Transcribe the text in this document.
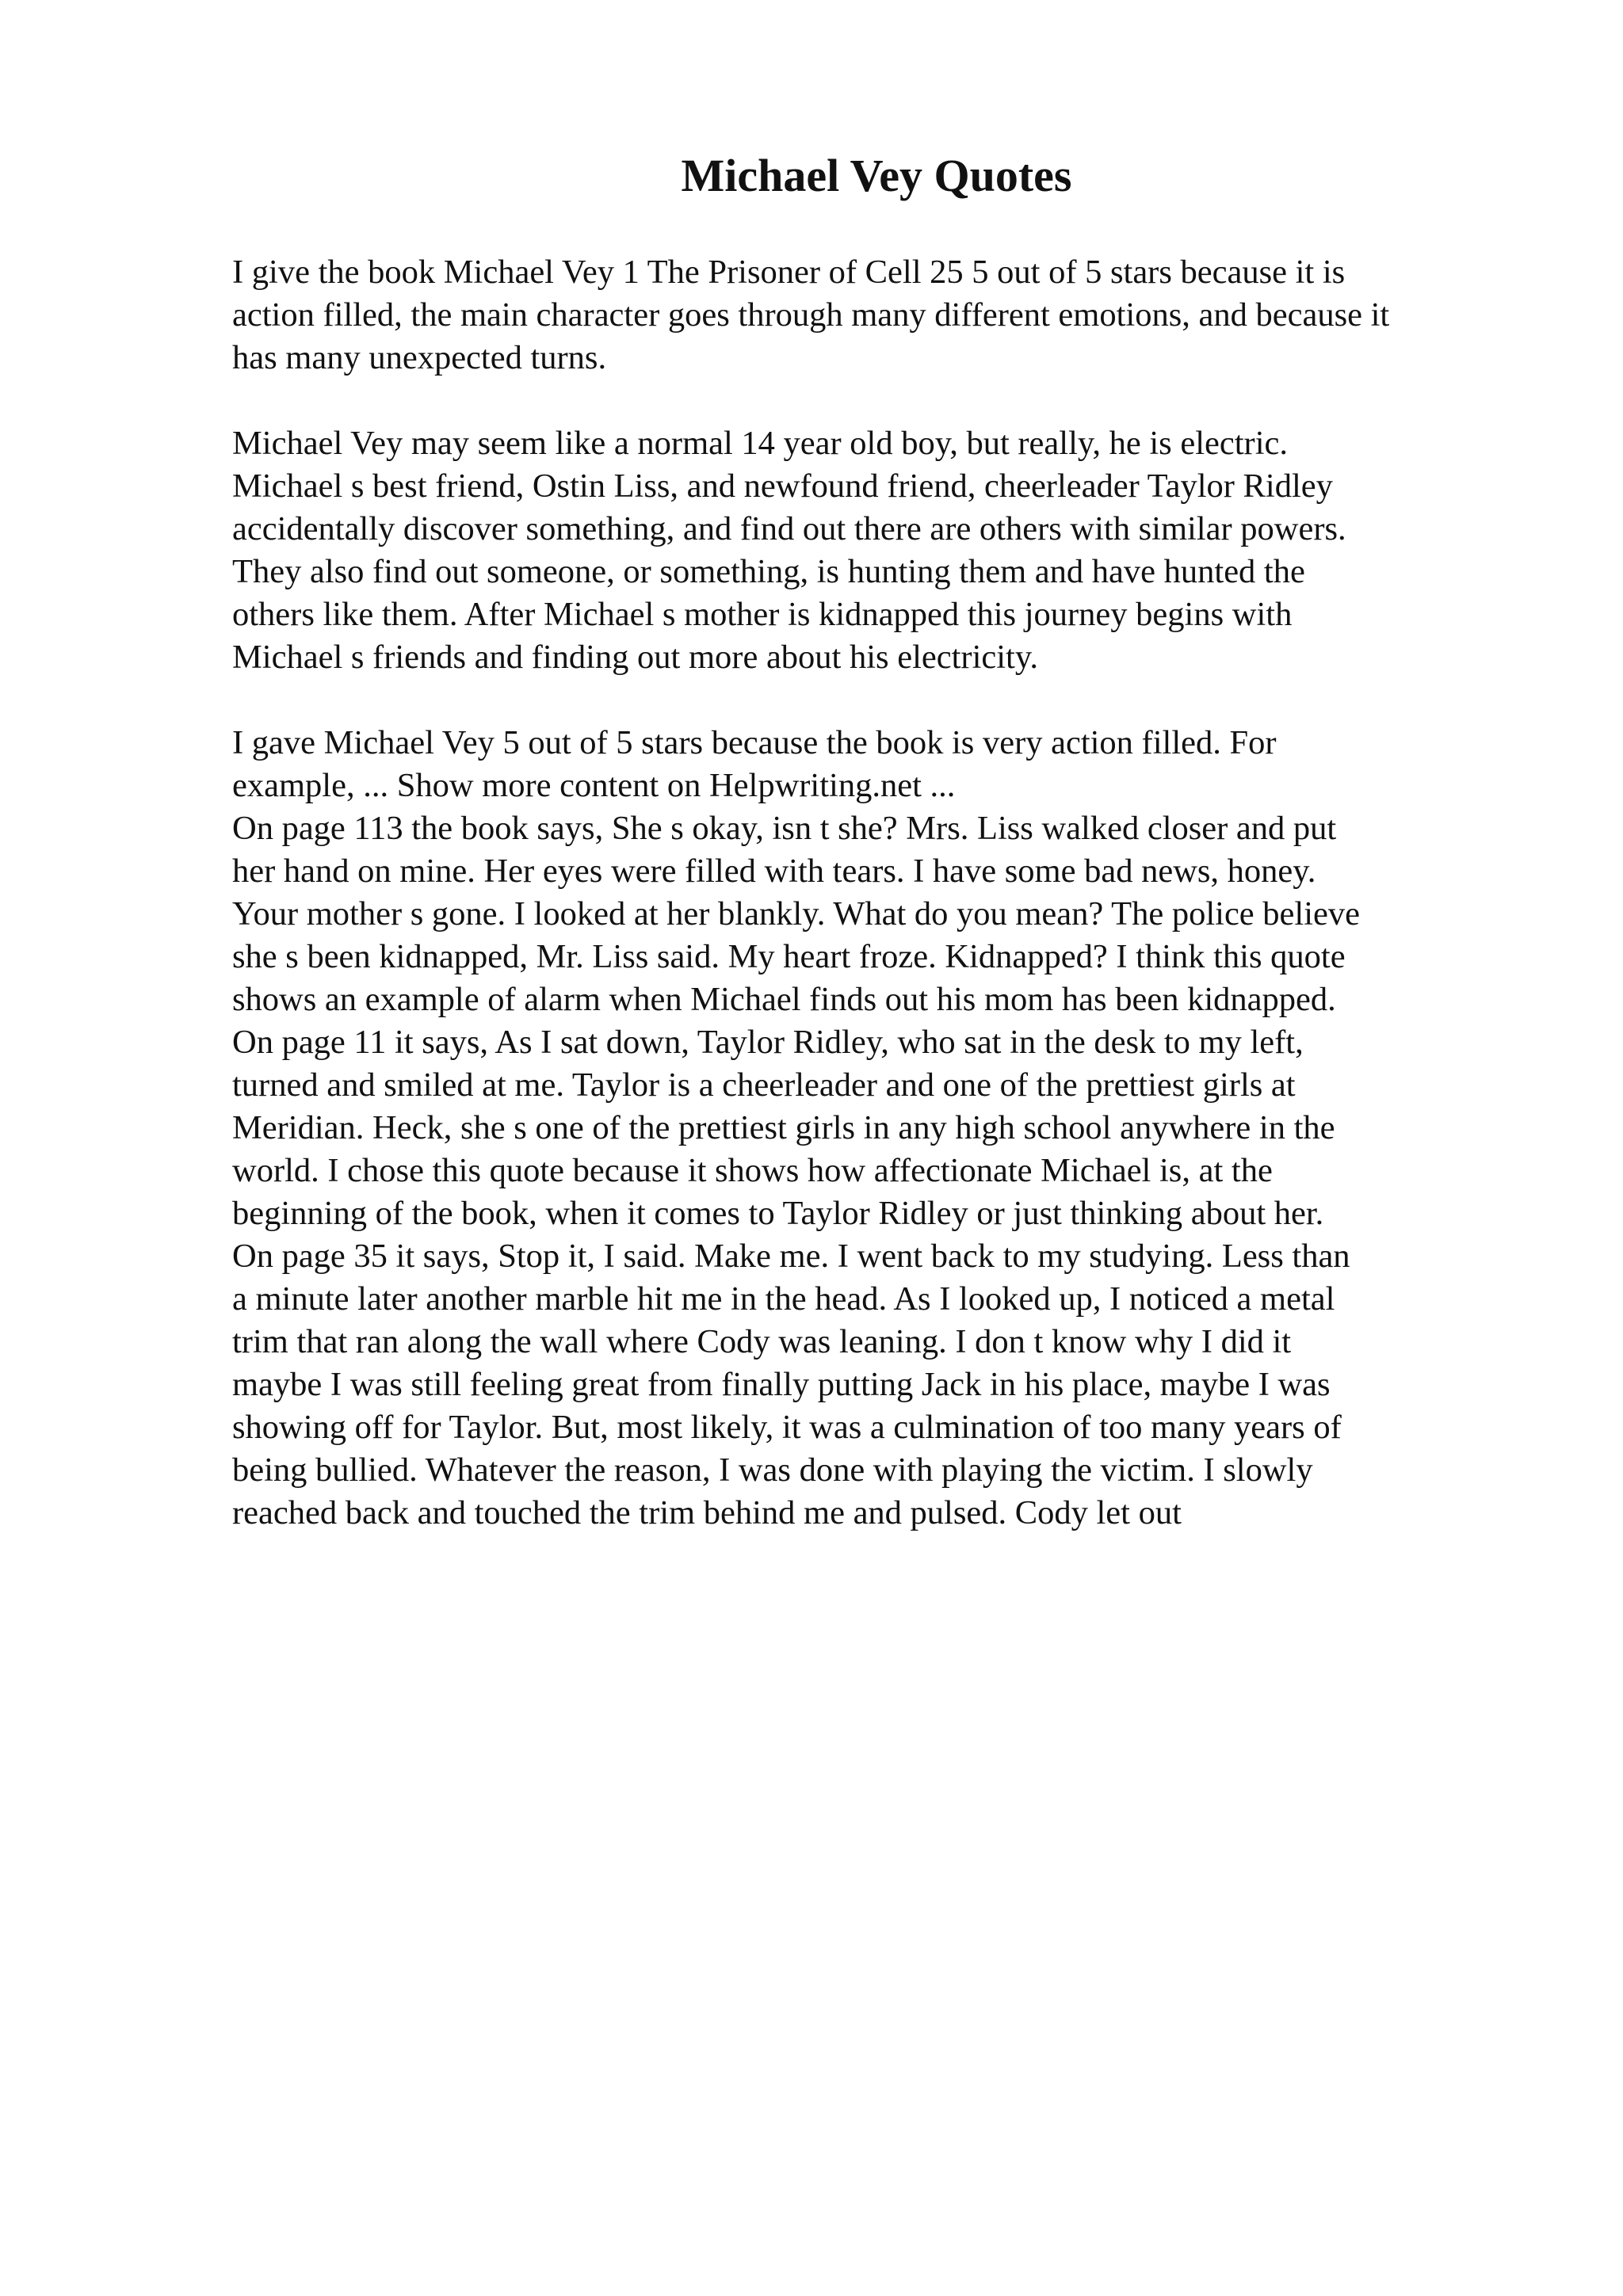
Michael Vey Quotes

I give the book Michael Vey 1 The Prisoner of Cell 25 5 out of 5 stars because it is

action filled, the main character goes through many different emotions, and because it

has many unexpected turns.

Michael Vey may seem like a normal 14 year old boy, but really, he is electric.

Michael s best friend, Ostin Liss, and newfound friend, cheerleader Taylor Ridley

accidentally discover something, and find out there are others with similar powers.

They also find out someone, or something, is hunting them and have hunted the

others like them. After Michael s mother is kidnapped this journey begins with

Michael s friends and finding out more about his electricity.

I gave Michael Vey 5 out of 5 stars because the book is very action filled. For

example, ... Show more content on Helpwriting.net ...

On page 113 the book says, She s okay, isn t she? Mrs. Liss walked closer and put

her hand on mine. Her eyes were filled with tears. I have some bad news, honey.

Your mother s gone. I looked at her blankly. What do you mean? The police believe

she s been kidnapped, Mr. Liss said. My heart froze. Kidnapped? I think this quote

shows an example of alarm when Michael finds out his mom has been kidnapped.

On page 11 it says, As I sat down, Taylor Ridley, who sat in the desk to my left,

turned and smiled at me. Taylor is a cheerleader and one of the prettiest girls at

Meridian. Heck, she s one of the prettiest girls in any high school anywhere in the

world. I chose this quote because it shows how affectionate Michael is, at the

beginning of the book, when it comes to Taylor Ridley or just thinking about her.

On page 35 it says, Stop it, I said. Make me. I went back to my studying. Less than

a minute later another marble hit me in the head. As I looked up, I noticed a metal

trim that ran along the wall where Cody was leaning. I don t know why I did it

maybe I was still feeling great from finally putting Jack in his place, maybe I was

showing off for Taylor. But, most likely, it was a culmination of too many years of

being bullied. Whatever the reason, I was done with playing the victim. I slowly

reached back and touched the trim behind me and pulsed. Cody let out
